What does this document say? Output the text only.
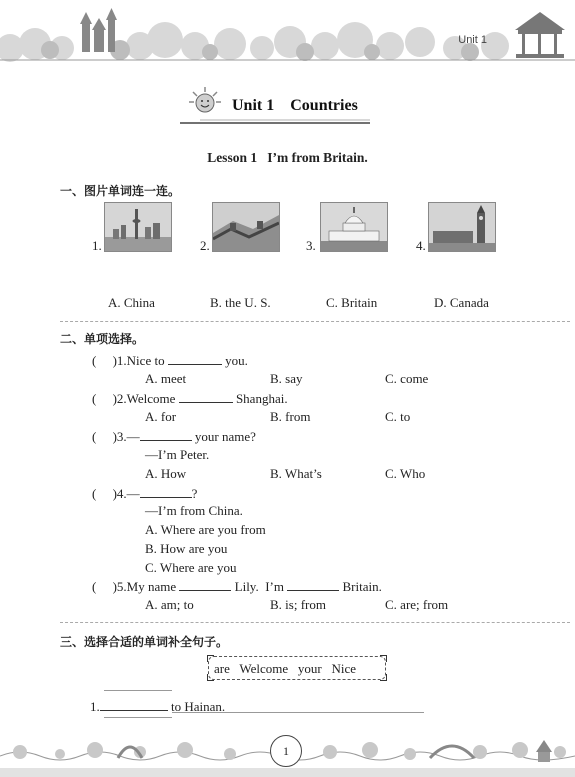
Unit 1
Unit 1 Countries
Lesson 1   I’m from Britain.
一、图片单词连一连。
1.	2.	3.	4.
A. China	B. the U. S.	C. Britain	D. Canada
二、单项选择。
(     )1.Nice to	you.
A. meet	B. say	C. come
(     )2.Welcome	Shanghai.
A. for	B. from	C. to
(     )3.—	your name?
—I’m Peter.
A. How	B. What’s	C. Who
(     )4.—	?
—I’m from China.
A. Where are you from
B. How are you
C. Where are you
(     )5.My name	Lily.  I’m	Britain.
A. am; to	B. is; from	C. are; from
三、选择合适的单词补全句子。
are   Welcome   your   Nice
1.	to Hainan.
1
